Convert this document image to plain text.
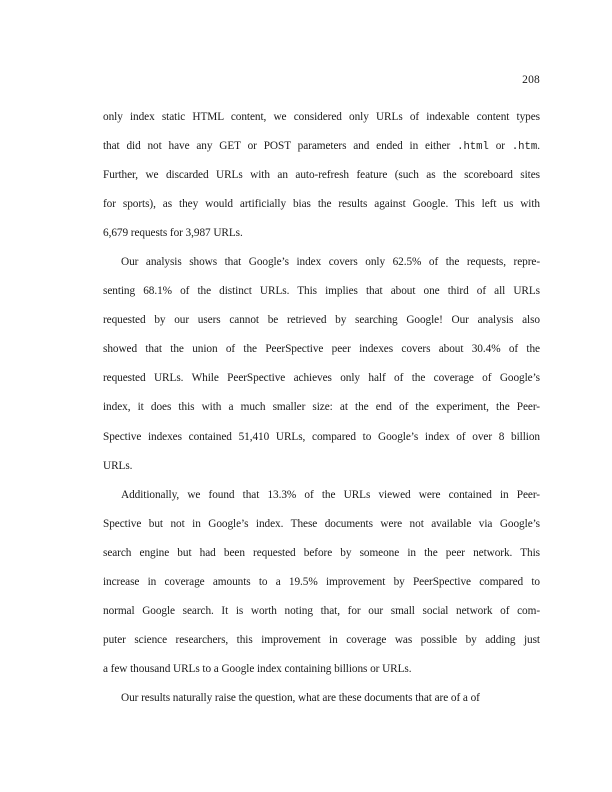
208
only index static HTML content, we considered only URLs of indexable content types
that did not have any GET or POST parameters and ended in either .html or .htm.
Further, we discarded URLs with an auto-refresh feature (such as the scoreboard sites
for sports), as they would artificially bias the results against Google. This left us with
6,679 requests for 3,987 URLs.
Our analysis shows that Google’s index covers only 62.5% of the requests, repre-
senting 68.1% of the distinct URLs. This implies that about one third of all URLs
requested by our users cannot be retrieved by searching Google! Our analysis also
showed that the union of the PeerSpective peer indexes covers about 30.4% of the
requested URLs. While PeerSpective achieves only half of the coverage of Google’s
index, it does this with a much smaller size: at the end of the experiment, the Peer-
Spective indexes contained 51,410 URLs, compared to Google’s index of over 8 billion
URLs.
Additionally, we found that 13.3% of the URLs viewed were contained in Peer-
Spective but not in Google’s index. These documents were not available via Google’s
search engine but had been requested before by someone in the peer network. This
increase in coverage amounts to a 19.5% improvement by PeerSpective compared to
normal Google search. It is worth noting that, for our small social network of com-
puter science researchers, this improvement in coverage was possible by adding just
a few thousand URLs to a Google index containing billions or URLs.
Our results naturally raise the question, what are these documents that are of a of
